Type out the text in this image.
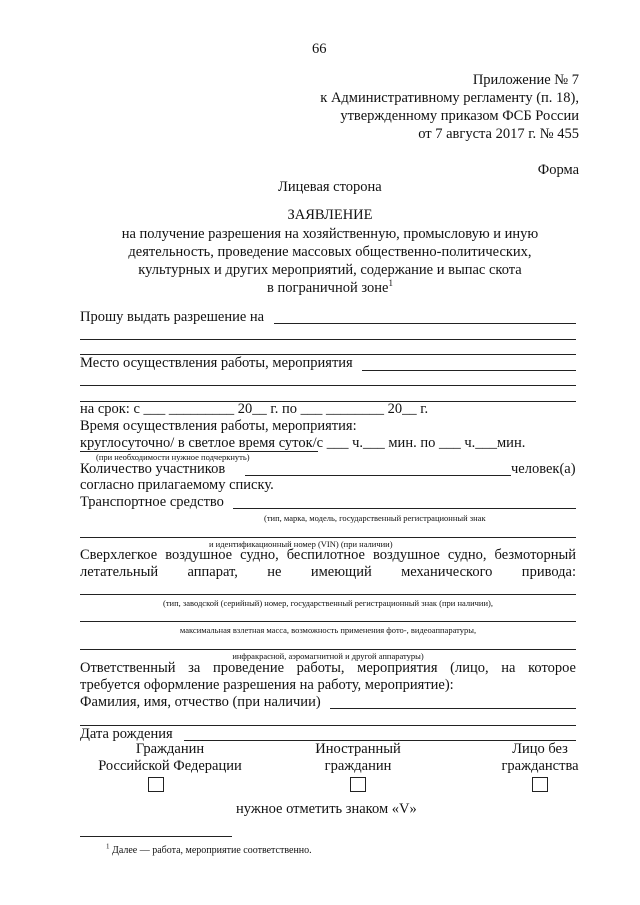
66
Приложение № 7
к Административному регламенту (п. 18),
утвержденному приказом ФСБ России
от 7 августа 2017 г. № 455
Форма
Лицевая сторона
ЗАЯВЛЕНИЕ
на получение разрешения на хозяйственную, промысловую и иную
деятельность, проведение массовых общественно-политических,
культурных и других мероприятий, содержание и выпас скота
в пограничной зоне$^1$
Прошу выдать разрешение на
Место осуществления работы, мероприятия
на срок: с ___ _________ 20__ г. по ___ ________ 20__ г.
Время осуществления работы, мероприятия:
круглосуточно/ в светлое время суток/с ___ ч.___ мин. по ___ ч.___мин.
(при необходимости нужное подчеркнуть)
Количество участников	человек(а)
согласно прилагаемому списку.
Транспортное средство
(тип, марка, модель, государственный регистрационный знак
и идентификационный номер (VIN) (при наличии)
Сверхлегкое воздушное судно, беспилотное воздушное судно, безмоторный
летательный аппарат, не имеющий механического привода:
(тип, заводской (серийный) номер, государственный регистрационный знак (при наличии),
максимальная взлетная масса, возможность применения фото-, видеоаппаратуры,
инфракрасной, аэромагнитной и другой аппаратуры)
Ответственный за проведение работы, мероприятия (лицо, на которое
требуется оформление разрешения на работу, мероприятие):
Фамилия, имя, отчество (при наличии)
Дата рождения
Гражданин
Российской Федерации
Иностранный
гражданин
Лицо без
гражданства
нужное отметить знаком «V»
$^1$ Далее — работа, мероприятие соответственно.
